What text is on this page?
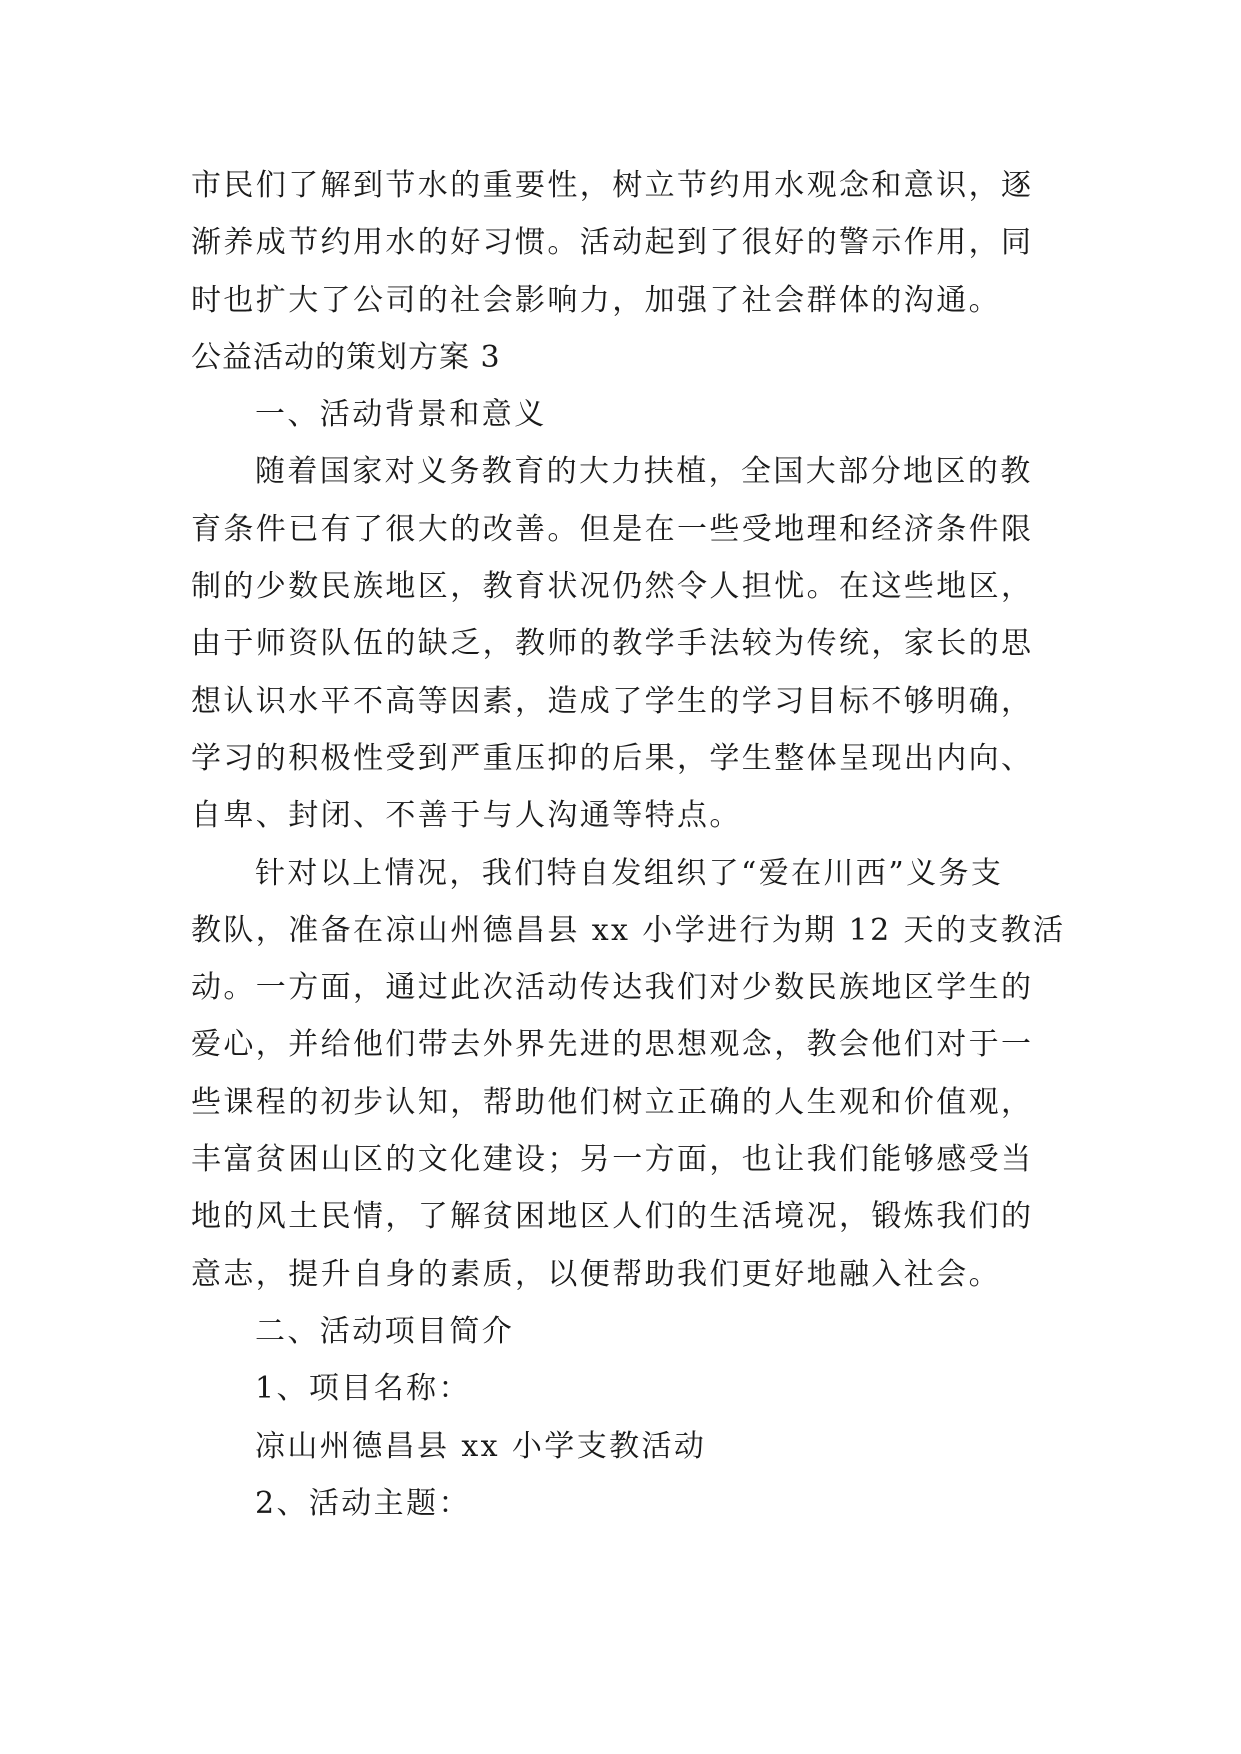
市民们了解到节水的重要性，树立节约用水观念和意识，逐
渐养成节约用水的好习惯。活动起到了很好的警示作用，同
时也扩大了公司的社会影响力，加强了社会群体的沟通。
公益活动的策划方案 3
一、活动背景和意义
随着国家对义务教育的大力扶植，全国大部分地区的教
育条件已有了很大的改善。但是在一些受地理和经济条件限
制的少数民族地区，教育状况仍然令人担忧。在这些地区，
由于师资队伍的缺乏，教师的教学手法较为传统，家长的思
想认识水平不高等因素，造成了学生的学习目标不够明确，
学习的积极性受到严重压抑的后果，学生整体呈现出内向、
自卑、封闭、不善于与人沟通等特点。
针对以上情况，我们特自发组织了“爱在川西”义务支
教队，准备在凉山州德昌县 xx 小学进行为期 12 天的支教活
动。一方面，通过此次活动传达我们对少数民族地区学生的
爱心，并给他们带去外界先进的思想观念，教会他们对于一
些课程的初步认知，帮助他们树立正确的人生观和价值观，
丰富贫困山区的文化建设；另一方面，也让我们能够感受当
地的风土民情，了解贫困地区人们的生活境况，锻炼我们的
意志，提升自身的素质，以便帮助我们更好地融入社会。
二、活动项目简介
1、项目名称：
凉山州德昌县 xx 小学支教活动
2、活动主题：
